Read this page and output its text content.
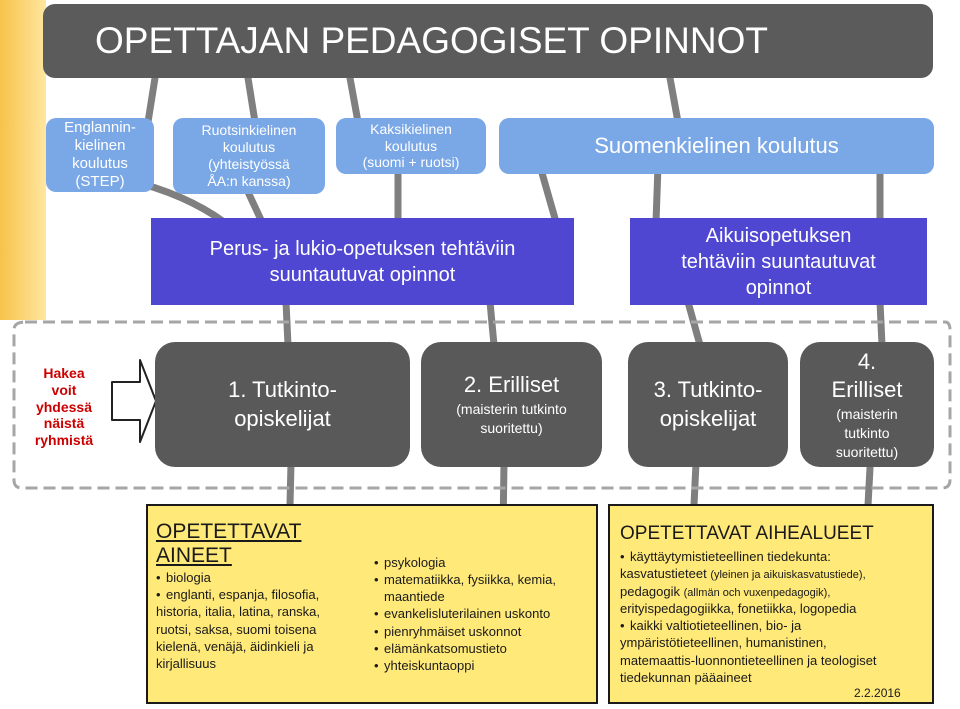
OPETTAJAN PEDAGOGISET OPINNOT
Englannin-
kielinen koulutus
(STEP)
Ruotsinkielinen
koulutus
(yhteistyössä
ÅA:n kanssa)
Kaksikielinen
koulutus
(suomi + ruotsi)
Suomenkielinen koulutus
Perus- ja lukio-opetuksen tehtäviin
suuntautuvat opinnot
Aikuisopetuksen
tehtäviin suuntautuvat
opinnot
Hakea
voit
yhdessä
näistä
ryhmistä
1. Tutkinto-
opiskelijat
2. Erilliset
(maisterin tutkinto
suoritettu)
3. Tutkinto-
opiskelijat
4.
Erilliset
(maisterin
tutkinto
suoritettu)
OPETETTAVAT
AINEET
• biologia
• englanti, espanja, filosofia,
historia, italia, latina, ranska,
ruotsi, saksa, suomi toisena
kielenä, venäjä, äidinkieli ja
kirjallisuus
• psykologia
• matematiikka, fysiikka, kemia,
maantiede
• evankelisluterilainen uskonto
• pienryhmäiset uskonnot
• elämänkatsomustieto
• yhteiskuntaoppi
OPETETTAVAT AIHEALUEET
• käyttäytymistieteellinen tiedekunta:
kasvatustieteet (yleinen ja aikuiskasvatustiede),
pedagogik (allmän och vuxenpedagogik),
erityispedagogiikka, fonetiikka, logopedia
• kaikki valtiotieteellinen, bio- ja
ympäristötieteellinen, humanistinen,
matemaattis-luonnontieteellinen ja teologiset
tiedekunnan pääaineet
2.2.2016
